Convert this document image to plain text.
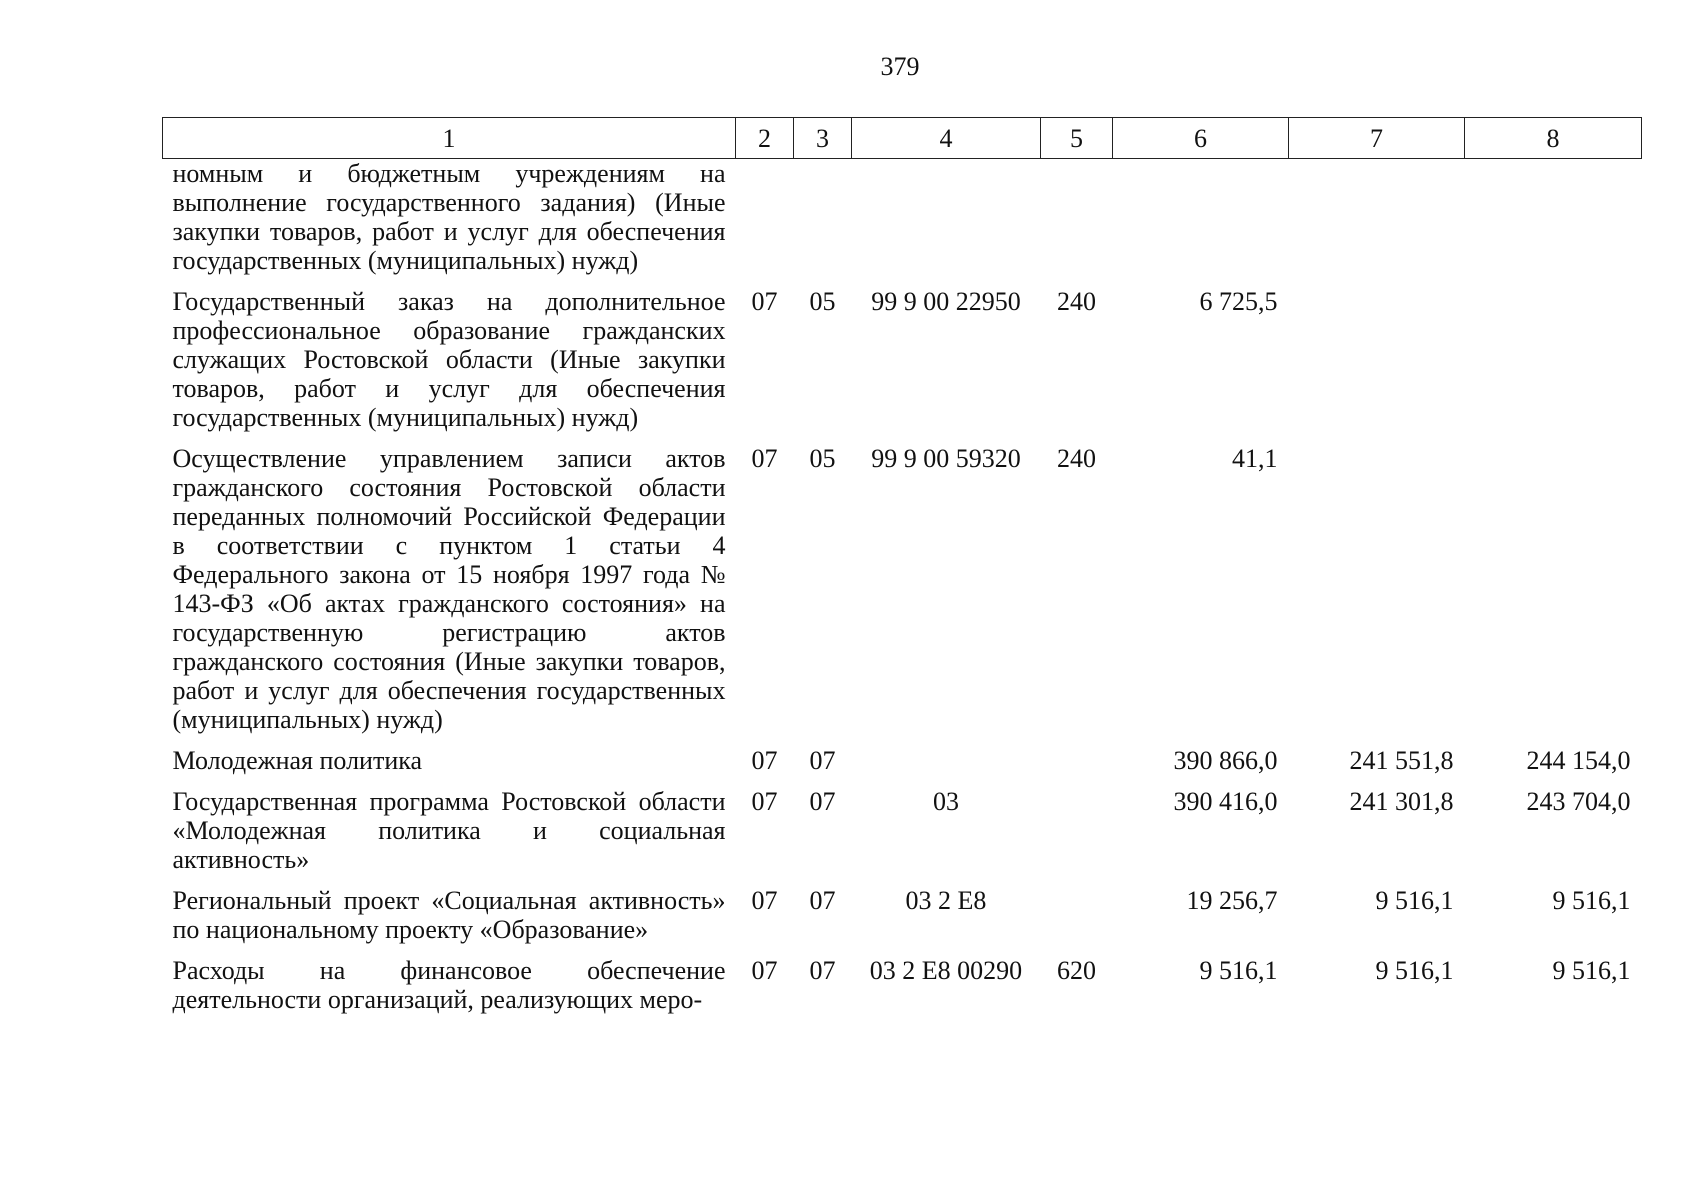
379
1	2	3	4	5	6	7	8
номным и бюджетным учреждениям на выполнение государственного задания) (Иные закупки товаров, работ и услуг для обеспечения государственных (муниципальных) нужд)							
Государственный заказ на дополнительное профессиональное образование гражданских служащих Ростовской области (Иные закупки товаров, работ и услуг для обеспечения государственных (муниципальных) нужд)	07	05	99 9 00 22950	240	6 725,5		
Осуществление управлением записи актов гражданского состояния Ростовской области переданных полномочий Российской Федерации в соответствии с пунктом 1 статьи 4 Федерального закона от 15 ноября 1997 года № 143-ФЗ «Об актах гражданского состояния» на государственную регистрацию актов гражданского состояния (Иные закупки товаров, работ и услуг для обеспечения государственных (муниципальных) нужд)	07	05	99 9 00 59320	240	41,1		
Молодежная политика	07	07			390 866,0	241 551,8	244 154,0
Государственная программа Ростовской области «Молодежная политика и социальная активность»	07	07	03		390 416,0	241 301,8	243 704,0
Региональный проект «Социальная активность» по национальному проекту «Образование»	07	07	03 2 E8		19 256,7	9 516,1	9 516,1
Расходы на финансовое обеспечение деятельности организаций, реализующих меро-	07	07	03 2 E8 00290	620	9 516,1	9 516,1	9 516,1
